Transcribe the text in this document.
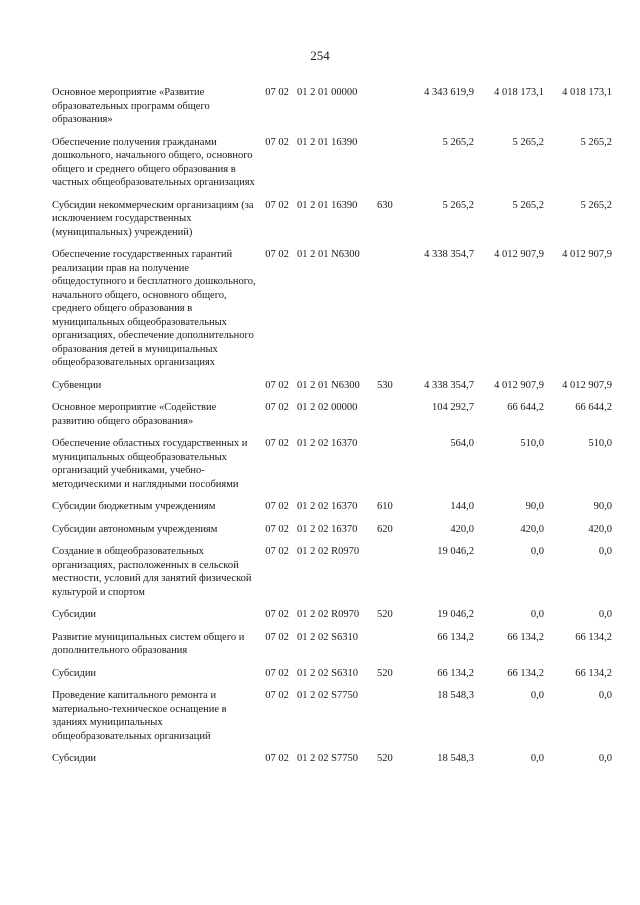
254
Основное мероприятие «Развитие образовательных программ общего образования»	07 02	01 2 01 00000		4 343 619,9	4 018 173,1	4 018 173,1
Обеспечение получения гражданами дошкольного, начального общего, основного общего и среднего общего образования в частных общеобразовательных организациях	07 02	01 2 01 16390		5 265,2	5 265,2	5 265,2
Субсидии некоммерческим организациям (за исключением государственных (муниципальных) учреждений)	07 02	01 2 01 16390	630	5 265,2	5 265,2	5 265,2
Обеспечение государственных гарантий реализации прав на получение общедоступного и бесплатного дошкольного, начального общего, основного общего, среднего общего образования в муниципальных общеобразовательных организациях, обеспечение дополнительного образования детей в муниципальных общеобразовательных организациях	07 02	01 2 01 N6300		4 338 354,7	4 012 907,9	4 012 907,9
Субвенции	07 02	01 2 01 N6300	530	4 338 354,7	4 012 907,9	4 012 907,9
Основное мероприятие «Содействие развитию общего образования»	07 02	01 2 02 00000		104 292,7	66 644,2	66 644,2
Обеспечение областных государственных и муниципальных общеобразовательных организаций учебниками, учебно-методическими и наглядными пособиями	07 02	01 2 02 16370		564,0	510,0	510,0
Субсидии бюджетным учреждениям	07 02	01 2 02 16370	610	144,0	90,0	90,0
Субсидии автономным учреждениям	07 02	01 2 02 16370	620	420,0	420,0	420,0
Создание в общеобразовательных организациях, расположенных в сельской местности, условий для занятий физической культурой и спортом	07 02	01 2 02 R0970		19 046,2	0,0	0,0
Субсидии	07 02	01 2 02 R0970	520	19 046,2	0,0	0,0
Развитие муниципальных систем общего и дополнительного образования	07 02	01 2 02 S6310		66 134,2	66 134,2	66 134,2
Субсидии	07 02	01 2 02 S6310	520	66 134,2	66 134,2	66 134,2
Проведение капитального ремонта и материально-техническое оснащение в зданиях муниципальных общеобразовательных организаций	07 02	01 2 02 S7750		18 548,3	0,0	0,0
Субсидии	07 02	01 2 02 S7750	520	18 548,3	0,0	0,0
